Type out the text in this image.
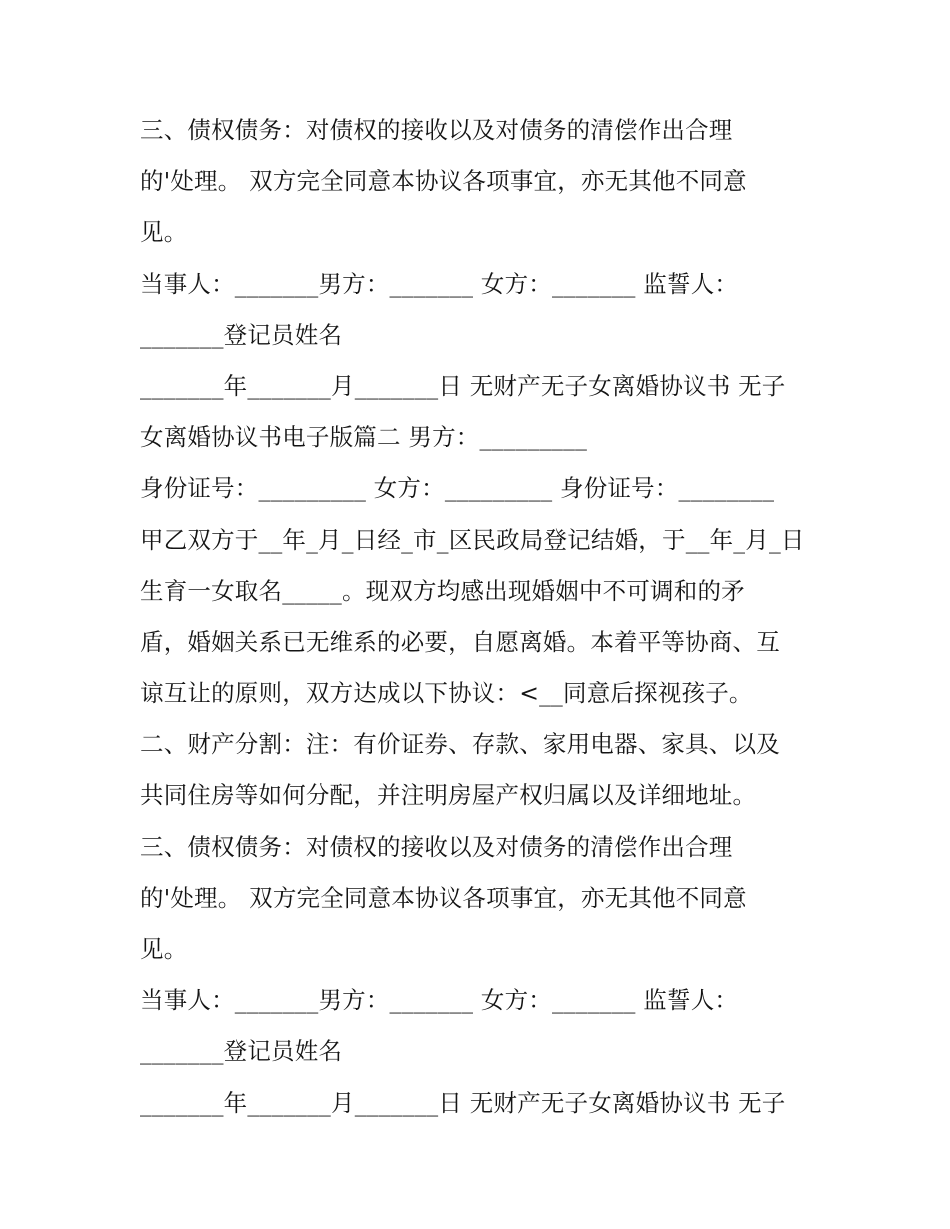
三、债权债务：对债权的接收以及对债务的清偿作出合理
的'处理。 双方完全同意本协议各项事宜，亦无其他不同意
见。
当事人：_______男方：_______ 女方：_______ 监誓人：
_______登记员姓名
_______年_______月_______日 无财产无子女离婚协议书 无子
女离婚协议书电子版篇二 男方：_________
身份证号：_________ 女方：_________ 身份证号：________
甲乙双方于__年_月_日经_市_区民政局登记结婚，于__年_月_日
生育一女取名_____。现双方均感出现婚姻中不可调和的矛
盾，婚姻关系已无维系的必要，自愿离婚。本着平等协商、互
谅互让的原则，双方达成以下协议：<__同意后探视孩子。
二、财产分割：注：有价证券、存款、家用电器、家具、以及
共同住房等如何分配，并注明房屋产权归属以及详细地址。
三、债权债务：对债权的接收以及对债务的清偿作出合理
的'处理。 双方完全同意本协议各项事宜，亦无其他不同意
见。
当事人：_______男方：_______ 女方：_______ 监誓人：
_______登记员姓名
_______年_______月_______日 无财产无子女离婚协议书 无子
